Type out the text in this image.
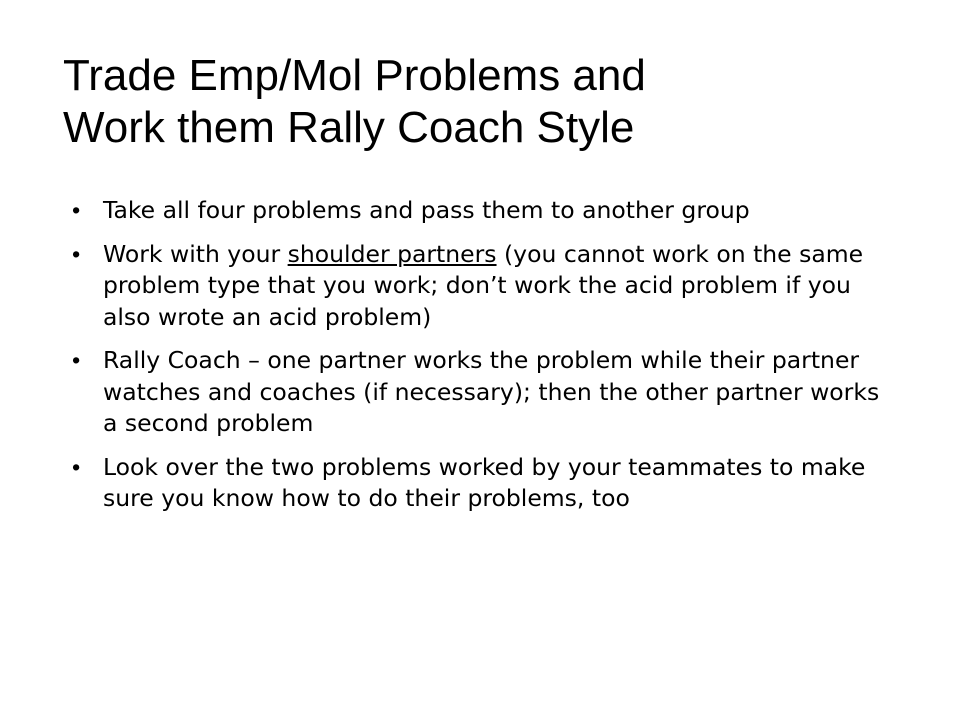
Trade Emp/Mol Problems and
Work them Rally Coach Style
• Take all four problems and pass them to another group
• Work with your shoulder partners (you cannot work on the same problem type that you work; don’t work the acid problem if you also wrote an acid problem)
• Rally Coach – one partner works the problem while their partner watches and coaches (if necessary); then the other partner works a second problem
• Look over the two problems worked by your teammates to make sure you know how to do their problems, too
